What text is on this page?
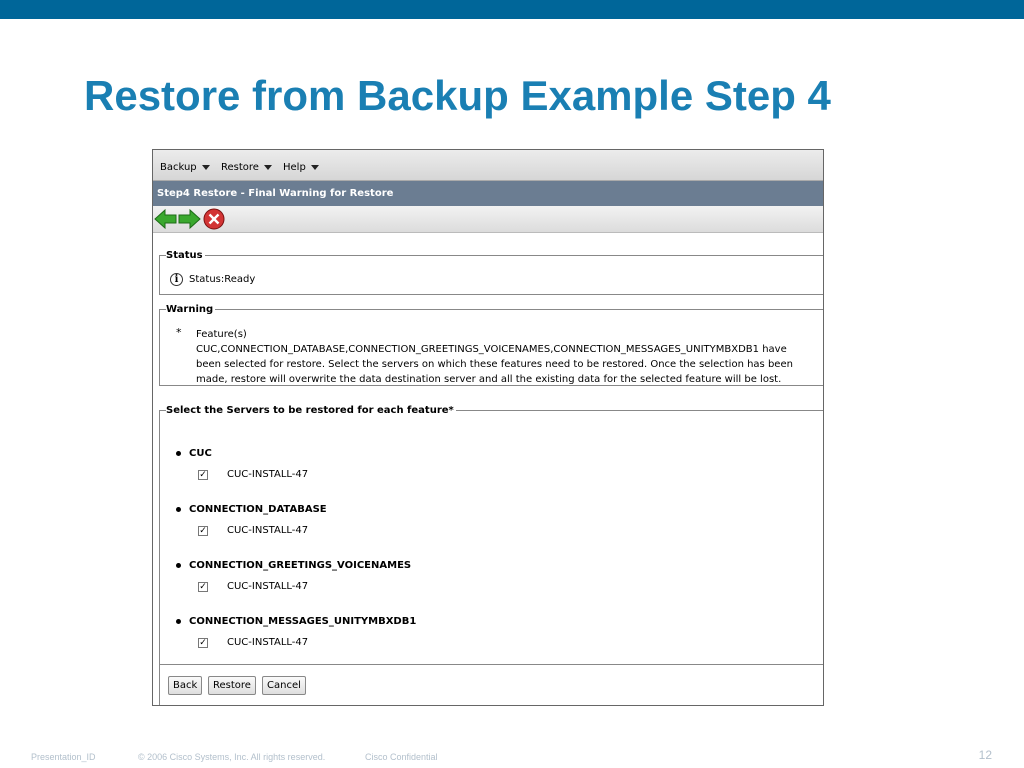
Restore from Backup Example Step 4
Backup Restore Help
Step4 Restore - Final Warning for Restore
Status
i	Status:Ready
Warning
* Feature(s)
CUC,CONNECTION_DATABASE,CONNECTION_GREETINGS_VOICENAMES,CONNECTION_MESSAGES_UNITYMBXDB1 have
been selected for restore. Select the servers on which these features need to be restored. Once the selection has been
made, restore will overwrite the data destination server and all the existing data for the selected feature will be lost.
Select the Servers to be restored for each feature*
CUC
✓ CUC-INSTALL-47
CONNECTION_DATABASE
✓ CUC-INSTALL-47
CONNECTION_GREETINGS_VOICENAMES
✓ CUC-INSTALL-47
CONNECTION_MESSAGES_UNITYMBXDB1
✓ CUC-INSTALL-47
Back	Restore	Cancel
Presentation_ID	© 2006 Cisco Systems, Inc. All rights reserved.	Cisco Confidential	12
